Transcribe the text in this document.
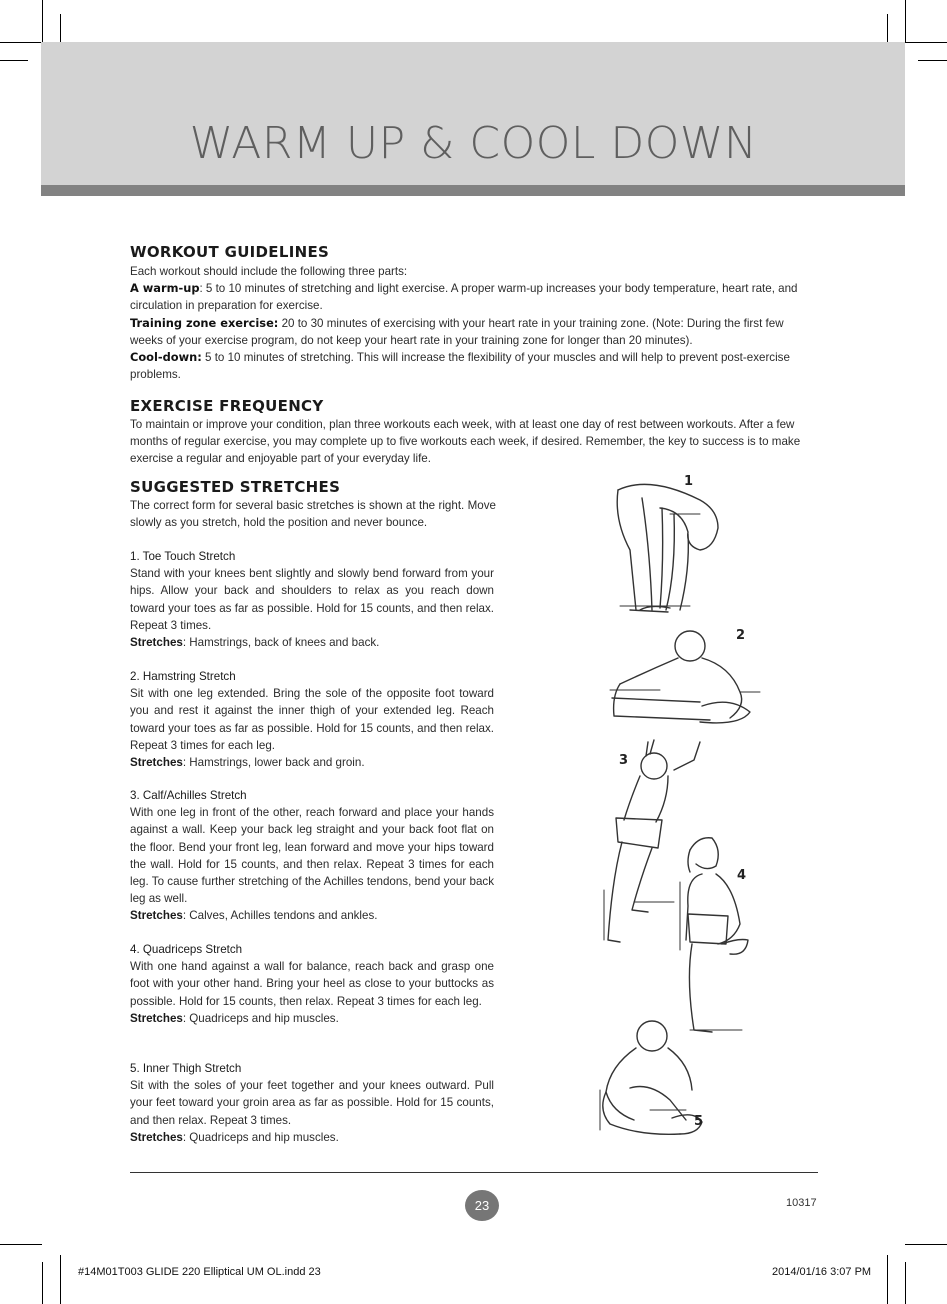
WARM UP & COOL DOWN
WORKOUT GUIDELINES
Each workout should include the following three parts:
A warm-up: 5 to 10 minutes of stretching and light exercise. A proper warm-up increases your body temperature, heart rate, and circulation in preparation for exercise.
Training zone exercise: 20 to 30 minutes of exercising with your heart rate in your training zone. (Note: During the first few weeks of your exercise program, do not keep your heart rate in your training zone for longer than 20 minutes).
Cool-down: 5 to 10 minutes of stretching. This will increase the flexibility of your muscles and will help to prevent post-exercise problems.
EXERCISE FREQUENCY
To maintain or improve your condition, plan three workouts each week, with at least one day of rest between workouts. After a few months of regular exercise, you may complete up to five workouts each week, if desired. Remember, the key to success is to make exercise a regular and enjoyable part of your everyday life.
SUGGESTED STRETCHES
The correct form for several basic stretches is shown at the right. Move slowly as you stretch, hold the position and never bounce.
1. Toe Touch Stretch
Stand with your knees bent slightly and slowly bend forward from your hips. Allow your back and shoulders to relax as you reach down toward your toes as far as possible. Hold for 15 counts, and then relax. Repeat 3 times.
Stretches: Hamstrings, back of knees and back.
2. Hamstring Stretch
Sit with one leg extended. Bring the sole of the opposite foot toward you and rest it against the inner thigh of your extended leg. Reach toward your toes as far as possible. Hold for 15 counts, and then relax. Repeat 3 times for each leg.
Stretches: Hamstrings, lower back and groin.
3. Calf/Achilles Stretch
With one leg in front of the other, reach forward and place your hands against a wall. Keep your back leg straight and your back foot flat on the floor. Bend your front leg, lean forward and move your hips toward the wall. Hold for 15 counts, and then relax. Repeat 3 times for each leg. To cause further stretching of the Achilles tendons, bend your back leg as well.
Stretches: Calves, Achilles tendons and ankles.
4. Quadriceps Stretch
With one hand against a wall for balance, reach back and grasp one foot with your other hand. Bring your heel as close to your buttocks as possible. Hold for 15 counts, then relax. Repeat 3 times for each leg.
Stretches: Quadriceps and hip muscles.
5. Inner Thigh Stretch
Sit with the soles of your feet together and your knees outward. Pull your feet toward your groin area as far as possible. Hold for 15 counts, and then relax. Repeat 3 times.
Stretches: Quadriceps and hip muscles.
1
2
3
4
5
23	10317
#14M01T003 GLIDE 220 Elliptical UM OL.indd 23	2014/01/16 3:07 PM
